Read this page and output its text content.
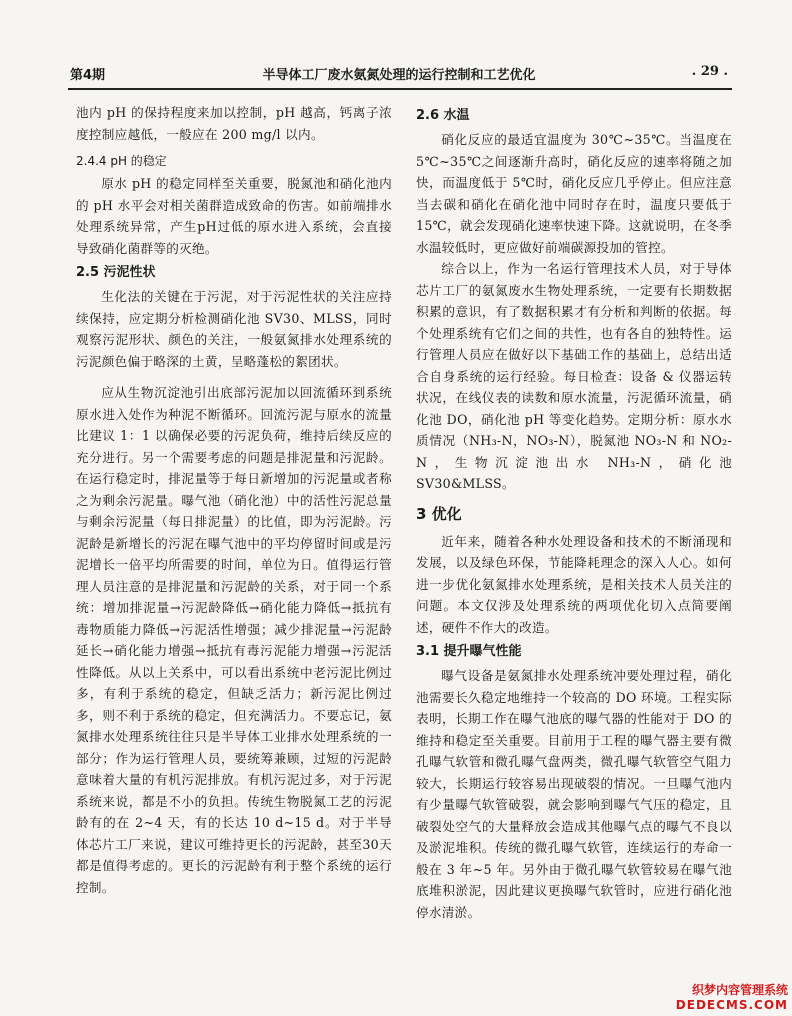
第4期	半导体工厂废水氨氮处理的运行控制和工艺优化	. 29 .

池内 pH 的保持程度来加以控制，pH 越高，钙离子浓度控制应越低，一般应在 200 mg/l 以内。

2.4.4 pH 的稳定

原水 pH 的稳定同样至关重要，脱氮池和硝化池内的 pH 水平会对相关菌群造成致命的伤害。如前端排水处理系统异常，产生pH过低的原水进入系统，会直接导致硝化菌群等的灭绝。

2.5 污泥性状

生化法的关键在于污泥，对于污泥性状的关注应持续保持，应定期分析检测硝化池 SV30、MLSS，同时观察污泥形状、颜色的关注，一般氨氮排水处理系统的污泥颜色偏于略深的土黄，呈略蓬松的絮团状。

应从生物沉淀池引出底部污泥加以回流循环到系统原水进入处作为种泥不断循环。回流污泥与原水的流量比建议 1：1 以确保必要的污泥负荷，维持后续反应的充分进行。另一个需要考虑的问题是排泥量和污泥龄。在运行稳定时，排泥量等于每日新增加的污泥量或者称之为剩余污泥量。曝气池（硝化池）中的活性污泥总量与剩余污泥量（每日排泥量）的比值，即为污泥龄。污泥龄是新增长的污泥在曝气池中的平均停留时间或是污泥增长一倍平均所需要的时间，单位为日。值得运行管理人员注意的是排泥量和污泥龄的关系，对于同一个系统：增加排泥量→污泥龄降低→硝化能力降低→抵抗有毒物质能力降低→污泥活性增强；减少排泥量→污泥龄延长→硝化能力增强→抵抗有毒污泥能力增强→污泥活性降低。从以上关系中，可以看出系统中老污泥比例过多，有利于系统的稳定，但缺乏活力；新污泥比例过多，则不利于系统的稳定，但充满活力。不要忘记，氨氮排水处理系统往往只是半导体工业排水处理系统的一部分；作为运行管理人员，要统筹兼顾，过短的污泥龄意味着大量的有机污泥排放。有机污泥过多，对于污泥系统来说，都是不小的负担。传统生物脱氮工艺的污泥龄有的在 2~4 天，有的长达 10 d~15 d。对于半导体芯片工厂来说，建议可维持更长的污泥龄，甚至30天都是值得考虑的。更长的污泥龄有利于整个系统的运行控制。

2.6 水温

硝化反应的最适宜温度为 30℃~35℃。当温度在 5℃~35℃之间逐渐升高时，硝化反应的速率将随之加快，而温度低于 5℃时，硝化反应几乎停止。但应注意当去碳和硝化在硝化池中同时存在时，温度只要低于 15℃，就会发现硝化速率快速下降。这就说明，在冬季水温较低时，更应做好前端碳源投加的管控。

综合以上，作为一名运行管理技术人员，对于导体芯片工厂的氨氮废水生物处理系统，一定要有长期数据积累的意识，有了数据积累才有分析和判断的依据。每个处理系统有它们之间的共性，也有各自的独特性。运行管理人员应在做好以下基础工作的基础上，总结出适合自身系统的运行经验。每日检查：设备 & 仪器运转状况，在线仪表的读数和原水流量，污泥循环流量，硝化池 DO，硝化池 pH 等变化趋势。定期分析：原水水质情况（NH₃-N，NO₃-N），脱氮池 NO₃-N 和 NO₂-N，生物沉淀池出水 NH₃-N，硝化池 SV30&MLSS。

3 优化

近年来，随着各种水处理设备和技术的不断涌现和发展，以及绿色环保，节能降耗理念的深入人心。如何进一步优化氨氮排水处理系统，是相关技术人员关注的问题。本文仅涉及处理系统的两项优化切入点简要阐述，硬件不作大的改造。

3.1 提升曝气性能

曝气设备是氨氮排水处理系统冲要处理过程，硝化池需要长久稳定地维持一个较高的 DO 环境。工程实际表明，长期工作在曝气池底的曝气器的性能对于 DO 的维持和稳定至关重要。目前用于工程的曝气器主要有微孔曝气软管和微孔曝气盘两类，微孔曝气软管空气阻力较大，长期运行较容易出现破裂的情况。一旦曝气池内有少量曝气软管破裂，就会影响到曝气气压的稳定，且破裂处空气的大量释放会造成其他曝气点的曝气不良以及淤泥堆积。传统的微孔曝气软管，连续运行的寿命一般在 3 年~5 年。另外由于微孔曝气软管较易在曝气池底堆积淤泥，因此建议更换曝气软管时，应进行硝化池停水清淤。

织梦内容管理系统
DEDECMS.COM
